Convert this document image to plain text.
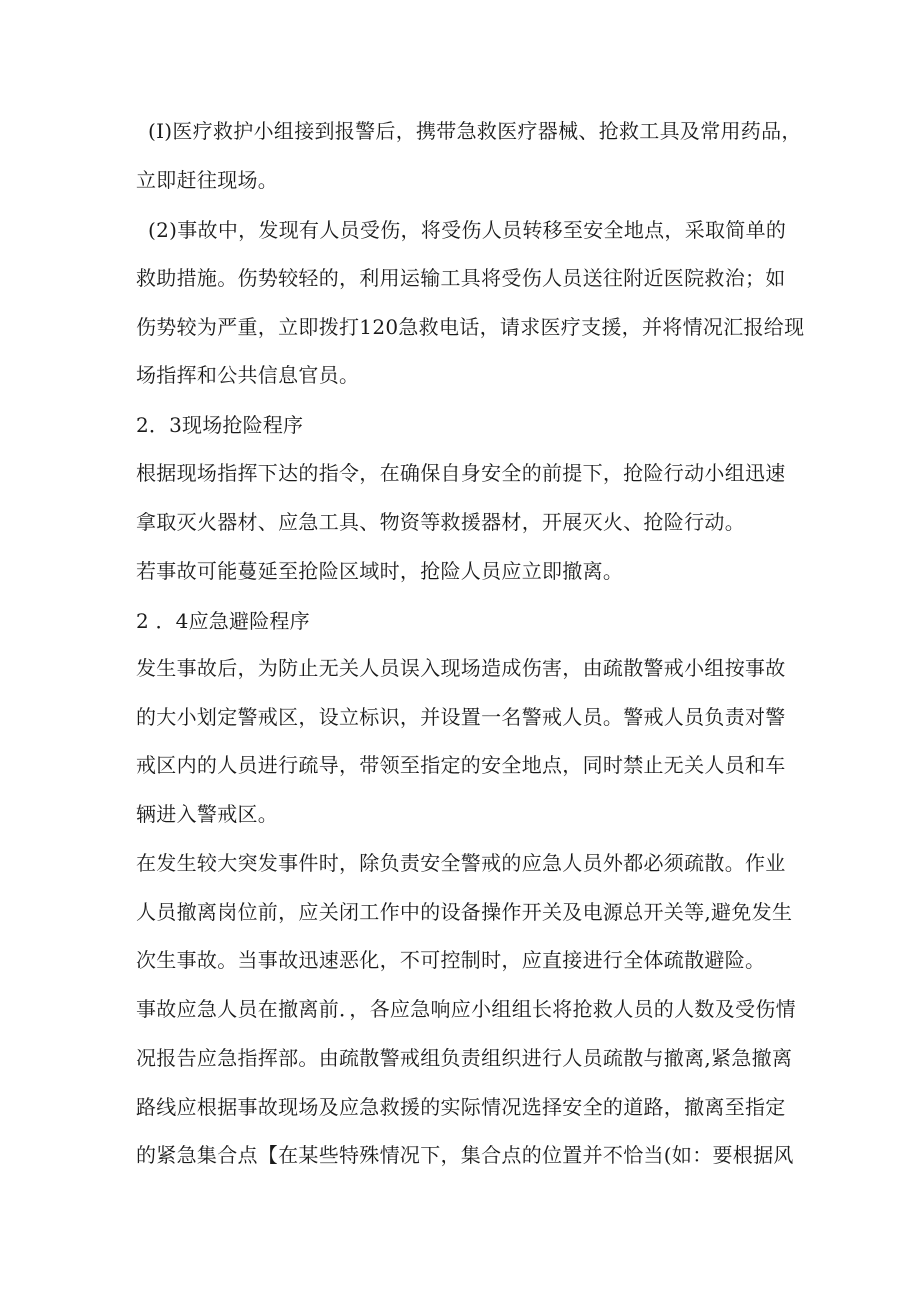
(I)医疗救护小组接到报警后，携带急救医疗器械、抢救工具及常用药品，
立即赶往现场。
(2)事故中，发现有人员受伤，将受伤人员转移至安全地点，采取简单的
救助措施。伤势较轻的，利用运输工具将受伤人员送往附近医院救治；如
伤势较为严重，立即拨打120急救电话，请求医疗支援，并将情况汇报给现
场指挥和公共信息官员。
2．3现场抢险程序
根据现场指挥下达的指令，在确保自身安全的前提下，抢险行动小组迅速
拿取灭火器材、应急工具、物资等救援器材，开展灭火、抢险行动。
若事故可能蔓延至抢险区域时，抢险人员应立即撤离。
2 ．4应急避险程序
发生事故后，为防止无关人员误入现场造成伤害，由疏散警戒小组按事故
的大小划定警戒区，设立标识，并设置一名警戒人员。警戒人员负责对警
戒区内的人员进行疏导，带领至指定的安全地点，同时禁止无关人员和车
辆进入警戒区。
在发生较大突发事件时，除负责安全警戒的应急人员外都必须疏散。作业
人员撤离岗位前，应关闭工作中的设备操作开关及电源总开关等,避免发生
次生事故。当事故迅速恶化，不可控制时，应直接进行全体疏散避险。
事故应急人员在撤离前．，各应急响应小组组长将抢救人员的人数及受伤情
况报告应急指挥部。由疏散警戒组负责组织进行人员疏散与撤离,紧急撤离
路线应根据事故现场及应急救援的实际情况选择安全的道路，撤离至指定
的紧急集合点【在某些特殊情况下，集合点的位置并不恰当(如：要根据风
